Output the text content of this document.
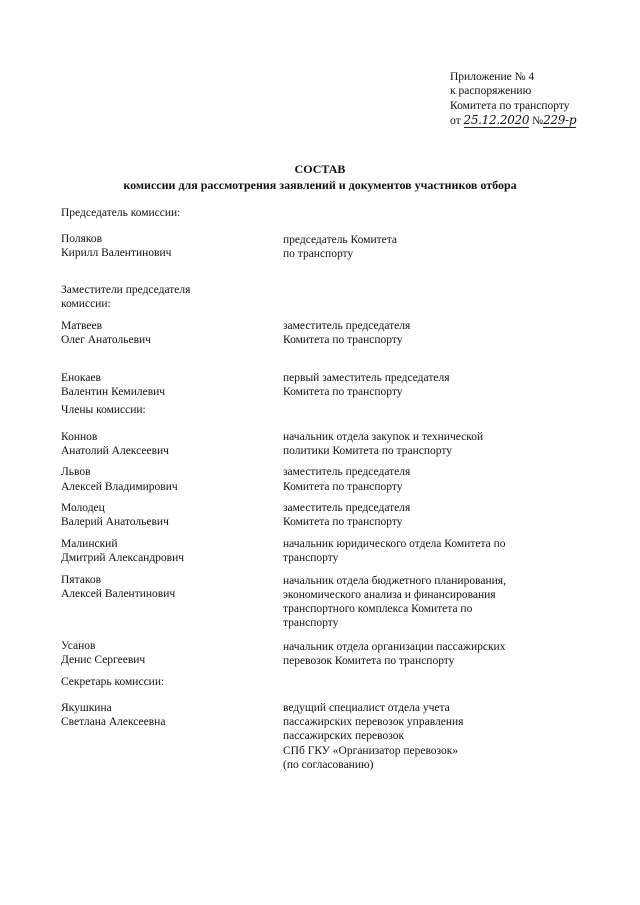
Приложение № 4
к распоряжению
Комитета по транспорту
от 25.12.2020 №229-р
СОСТАВ
комиссии для рассмотрения заявлений и документов участников отбора
Председатель комиссии:
Поляков
Кирилл Валентинович
председатель Комитета
по транспорту
Заместители председателя
комиссии:
Матвеев
Олег Анатольевич
заместитель председателя
Комитета по транспорту
Енокаев
Валентин Кемилевич
первый заместитель председателя
Комитета по транспорту
Члены комиссии:
Коннов
Анатолий Алексеевич
начальник отдела закупок и технической
политики Комитета по транспорту
Львов
Алексей Владимирович
заместитель председателя
Комитета по транспорту
Молодец
Валерий Анатольевич
заместитель председателя
Комитета по транспорту
Малинский
Дмитрий Александрович
начальник юридического отдела Комитета по
транспорту
Пятаков
Алексей Валентинович
начальник отдела бюджетного планирования,
экономического анализа и финансирования
транспортного комплекса Комитета по
транспорту
Усанов
Денис Сергеевич
начальник отдела организации пассажирских
перевозок Комитета по транспорту
Секретарь комиссии:
Якушкина
Светлана Алексеевна
ведущий специалист отдела учета
пассажирских перевозок управления
пассажирских перевозок
СПб ГКУ «Организатор перевозок»
(по согласованию)
